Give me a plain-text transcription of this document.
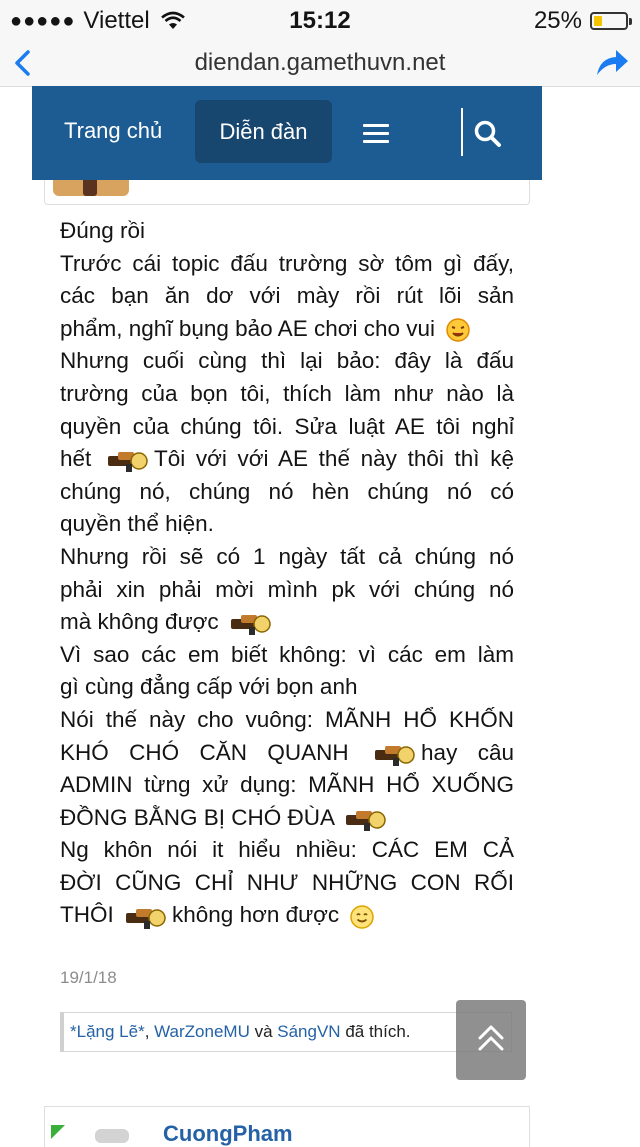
●●●●● Viettel	15:12	25%
diendan.gamethuvn.net
Trang chủ	Diễn đàn
Đúng rồi
Trước cái topic đấu trường sờ tôm gì đấy,
các bạn ăn dơ với mày rồi rút lõi sản
phẩm, nghĩ bụng bảo AE chơi cho vui
Nhưng cuối cùng thì lại bảo: đây là đấu
trường của bọn tôi, thích làm như nào là
quyền của chúng tôi. Sửa luật AE tôi nghỉ
hết	Tôi với với AE thế này thôi thì kệ
chúng nó, chúng nó hèn chúng nó có
quyền thể hiện.
Nhưng rồi sẽ có 1 ngày tất cả chúng nó
phải xin phải mời mình pk với chúng nó
mà không được
Vì sao các em biết không: vì các em làm
gì cùng đẳng cấp với bọn anh
Nói thế này cho vuông: MÃNH HỔ KHỐN
KHÓ CHÓ CĂN QUANH	hay câu
ADMIN từng xử dụng: MÃNH HỔ XUỐNG
ĐỒNG BẰNG BỊ CHÓ ĐÙA
Ng khôn nói it hiểu nhiều: CÁC EM CẢ
ĐỜI CŨNG CHỈ NHƯ NHỮNG CON RỐI
THÔI	không hơn được
19/1/18
*Lặng Lẽ*, WarZoneMU và SángVN đã thích.
CuongPham
